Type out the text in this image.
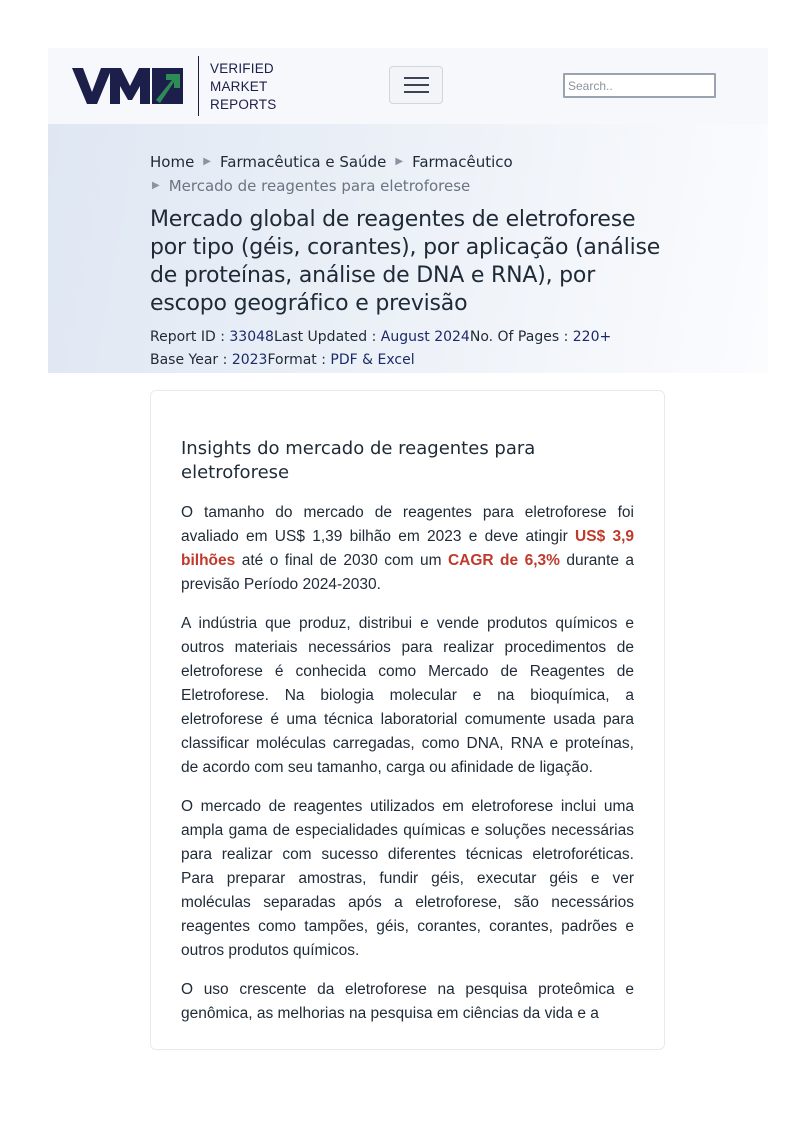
VERIFIED
MARKET
REPORTS
Search..
Home ▶ Farmacêutica e Saúde ▶ Farmacêutico
▶ Mercado de reagentes para eletroforese
Mercado global de reagentes de eletroforese por tipo (géis, corantes), por aplicação (análise de proteínas, análise de DNA e RNA), por escopo geográfico e previsão
Report ID : 33048Last Updated : August 2024No. Of Pages : 220+
Base Year : 2023Format : PDF & Excel
Insights do mercado de reagentes para eletroforese

O tamanho do mercado de reagentes para eletroforese foi avaliado em US$ 1,39 bilhão em 2023 e deve atingir US$ 3,9 bilhões até o final de 2030 com um CAGR de 6,3% durante a previsão Período 2024-2030.

A indústria que produz, distribui e vende produtos químicos e outros materiais necessários para realizar procedimentos de eletroforese é conhecida como Mercado de Reagentes de Eletroforese. Na biologia molecular e na bioquímica, a eletroforese é uma técnica laboratorial comumente usada para classificar moléculas carregadas, como DNA, RNA e proteínas, de acordo com seu tamanho, carga ou afinidade de ligação.

O mercado de reagentes utilizados em eletroforese inclui uma ampla gama de especialidades químicas e soluções necessárias para realizar com sucesso diferentes técnicas eletroforéticas. Para preparar amostras, fundir géis, executar géis e ver moléculas separadas após a eletroforese, são necessários reagentes como tampões, géis, corantes, corantes, padrões e outros produtos químicos.

O uso crescente da eletroforese na pesquisa proteômica e genômica, as melhorias na pesquisa em ciências da vida e a
